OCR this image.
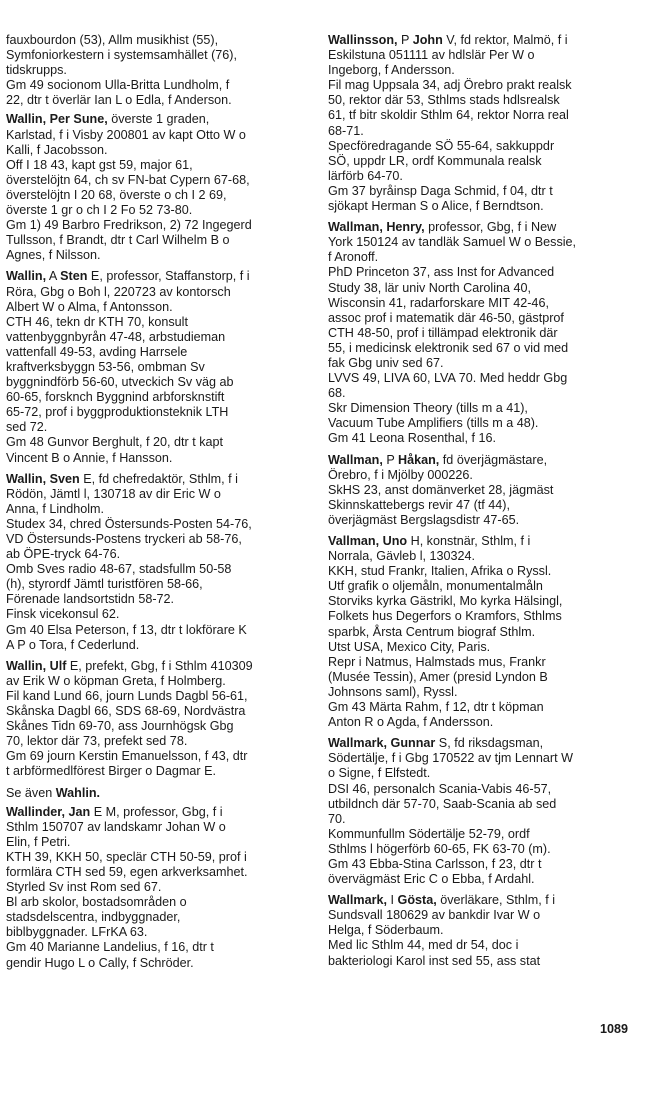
fauxbourdon (53), Allm musikhist (55),
Symfoniorkestern i systemsamhället (76),
tidskrupps.
Gm 49 socionom Ulla-Britta Lundholm, f
22, dtr t överlär Ian L o Edla, f Anderson.
Wallin, Per Sune, överste 1 graden,
Karlstad, f i Visby 200801 av kapt Otto W o
Kalli, f Jacobsson.
Off I 18 43, kapt gst 59, major 61,
överstelöjtn 64, ch sv FN-bat Cypern 67-68,
överstelöjtn I 20 68, överste o ch I 2 69,
överste 1 gr o ch I 2 Fo 52 73-80.
Gm 1) 49 Barbro Fredrikson, 2) 72 Ingegerd
Tullsson, f Brandt, dtr t Carl Wilhelm B o
Agnes, f Nilsson.
Wallin, A Sten E, professor, Staffanstorp, f i
Röra, Gbg o Boh l, 220723 av kontorsch
Albert W o Alma, f Antonsson.
CTH 46, tekn dr KTH 70, konsult
vattenbyggnbyrån 47-48, arbstudieman
vattenfall 49-53, avding Harrsele
kraftverksbyggn 53-56, ombman Sv
byggnindförb 56-60, utveckich Sv väg ab
60-65, forsknch Byggnind arbforsknstift
65-72, prof i byggproduktionsteknik LTH
sed 72.
Gm 48 Gunvor Berghult, f 20, dtr t kapt
Vincent B o Annie, f Hansson.
Wallin, Sven E, fd chefredaktör, Sthlm, f i
Rödön, Jämtl l, 130718 av dir Eric W o
Anna, f Lindholm.
Studex 34, chred Östersunds-Posten 54-76,
VD Östersunds-Postens tryckeri ab 58-76,
ab ÖPE-tryck 64-76.
Omb Sves radio 48-67, stadsfullm 50-58
(h), styrordf Jämtl turistfören 58-66,
Förenade landsortstidn 58-72.
Finsk vicekonsul 62.
Gm 40 Elsa Peterson, f 13, dtr t lokförare K
A P o Tora, f Cederlund.
Wallin, Ulf E, prefekt, Gbg, f i Sthlm 410309
av Erik W o köpman Greta, f Holmberg.
Fil kand Lund 66, journ Lunds Dagbl 56-61,
Skånska Dagbl 66, SDS 68-69, Nordvästra
Skånes Tidn 69-70, ass Journhögsk Gbg
70, lektor där 73, prefekt sed 78.
Gm 69 journ Kerstin Emanuelsson, f 43, dtr
t arbförmedlförest Birger o Dagmar E.
Se även Wahlin.
Wallinder, Jan E M, professor, Gbg, f i
Sthlm 150707 av landskamr Johan W o
Elin, f Petri.
KTH 39, KKH 50, speclär CTH 50-59, prof i
formlära CTH sed 59, egen arkverksamhet.
Styrled Sv inst Rom sed 67.
Bl arb skolor, bostadsområden o
stadsdelscentra, indbyggnader,
biblbyggnader. LFrKA 63.
Gm 40 Marianne Landelius, f 16, dtr t
gendir Hugo L o Cally, f Schröder.
Wallinsson, P John V, fd rektor, Malmö, f i
Eskilstuna 051111 av hdlslär Per W o
Ingeborg, f Andersson.
Fil mag Uppsala 34, adj Örebro prakt realsk
50, rektor där 53, Sthlms stads hdlsrealsk
61, tf bitr skoldir Sthlm 64, rektor Norra real
68-71.
Specföredragande SÖ 55-64, sakkuppdr
SÖ, uppdr LR, ordf Kommunala realsk
lärförb 64-70.
Gm 37 byråinsp Daga Schmid, f 04, dtr t
sjökapt Herman S o Alice, f Berndtson.
Wallman, Henry, professor, Gbg, f i New
York 150124 av tandläk Samuel W o Bessie,
f Aronoff.
PhD Princeton 37, ass Inst for Advanced
Study 38, lär univ North Carolina 40,
Wisconsin 41, radarforskare MIT 42-46,
assoc prof i matematik där 46-50, gästprof
CTH 48-50, prof i tillämpad elektronik där
55, i medicinsk elektronik sed 67 o vid med
fak Gbg univ sed 67.
LVVS 49, LIVA 60, LVA 70. Med heddr Gbg
68.
Skr Dimension Theory (tills m a 41),
Vacuum Tube Amplifiers (tills m a 48).
Gm 41 Leona Rosenthal, f 16.
Wallman, P Håkan, fd överjägmästare,
Örebro, f i Mjölby 000226.
SkHS 23, anst domänverket 28, jägmäst
Skinnskattebergs revir 47 (tf 44),
överjägmäst Bergslagsdistr 47-65.
Vallman, Uno H, konstnär, Sthlm, f i
Norrala, Gävleb l, 130324.
KKH, stud Frankr, Italien, Afrika o Ryssl.
Utf grafik o oljemåln, monumentalmåln
Storviks kyrka Gästrikl, Mo kyrka Hälsingl,
Folkets hus Degerfors o Kramfors, Sthlms
sparbk, Årsta Centrum biograf Sthlm.
Utst USA, Mexico City, Paris.
Repr i Natmus, Halmstads mus, Frankr
(Musée Tessin), Amer (presid Lyndon B
Johnsons saml), Ryssl.
Gm 43 Märta Rahm, f 12, dtr t köpman
Anton R o Agda, f Andersson.
Wallmark, Gunnar S, fd riksdagsman,
Södertälje, f i Gbg 170522 av tjm Lennart W
o Signe, f Elfstedt.
DSI 46, personalch Scania-Vabis 46-57,
utbildnch där 57-70, Saab-Scania ab sed
70.
Kommunfullm Södertälje 52-79, ordf
Sthlms l högerförb 60-65, FK 63-70 (m).
Gm 43 Ebba-Stina Carlsson, f 23, dtr t
övervägmäst Eric C o Ebba, f Ardahl.
Wallmark, I Gösta, överläkare, Sthlm, f i
Sundsvall 180629 av bankdir Ivar W o
Helga, f Söderbaum.
Med lic Sthlm 44, med dr 54, doc i
bakteriologi Karol inst sed 55, ass stat
1089
